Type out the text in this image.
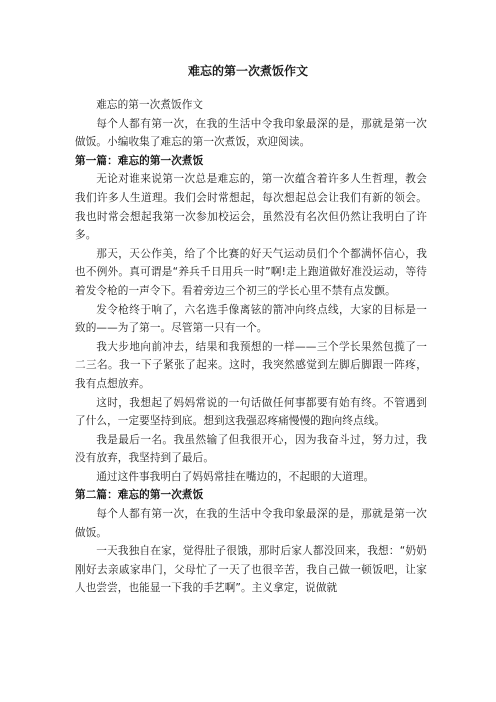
难忘的第一次煮饭作文

难忘的第一次煮饭作文

每个人都有第一次，在我的生活中令我印象最深的是，那就是第一次做饭。小编收集了难忘的第一次煮饭，欢迎阅读。

第一篇：难忘的第一次煮饭

无论对谁来说第一次总是难忘的，第一次蕴含着许多人生哲理，教会我们许多人生道理。我们会时常想起，每次想起总会让我们有新的领会。我也时常会想起我第一次参加校运会，虽然没有名次但仍然让我明白了许多。

那天，天公作美，给了个比赛的好天气运动员们个个都满怀信心，我也不例外。真可谓是“养兵千日用兵一时”啊!走上跑道做好准没运动，等待着发令枪的一声令下。看着旁边三个初三的学长心里不禁有点发颤。

发令枪终于响了，六名选手像离铉的箭冲向终点线，大家的目标是一致的——为了第一。尽管第一只有一个。

我大步地向前冲去，结果和我预想的一样——三个学长果然包揽了一二三名。我一下子紧张了起来。这时，我突然感觉到左脚后脚跟一阵疼，我有点想放弃。

这时，我想起了妈妈常说的一句话做任何事都要有始有终。不管遇到了什么，一定要坚持到底。想到这我强忍疼痛慢慢的跑向终点线。

我是最后一名。我虽然输了但我很开心，因为我奋斗过，努力过，我没有放弃，我坚持到了最后。

通过这件事我明白了妈妈常挂在嘴边的，不起眼的大道理。

第二篇：难忘的第一次煮饭

每个人都有第一次，在我的生活中令我印象最深的是，那就是第一次做饭。

一天我独自在家，觉得肚子很饿，那时后家人都没回来，我想：“奶奶刚好去亲戚家串门，父母忙了一天了也很辛苦，我自己做一顿饭吧，让家人也尝尝，也能显一下我的手艺啊”。主义拿定，说做就
